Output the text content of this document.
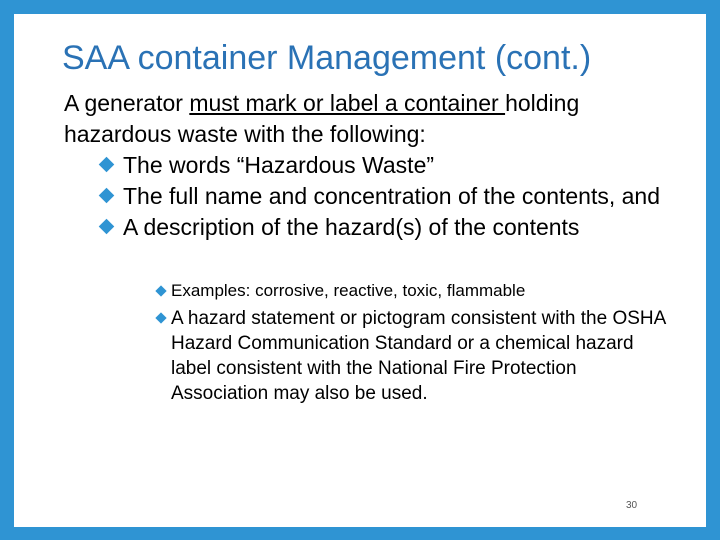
SAA container Management (cont.)
A generator must mark or label a container holding hazardous waste with the following:
The words “Hazardous Waste”
The full name and concentration of the contents, and
A description of the hazard(s) of the contents
Examples: corrosive, reactive, toxic, flammable
A hazard statement or pictogram consistent with the OSHA Hazard Communication Standard or a chemical hazard label consistent with the National Fire Protection Association may also be used.
30
